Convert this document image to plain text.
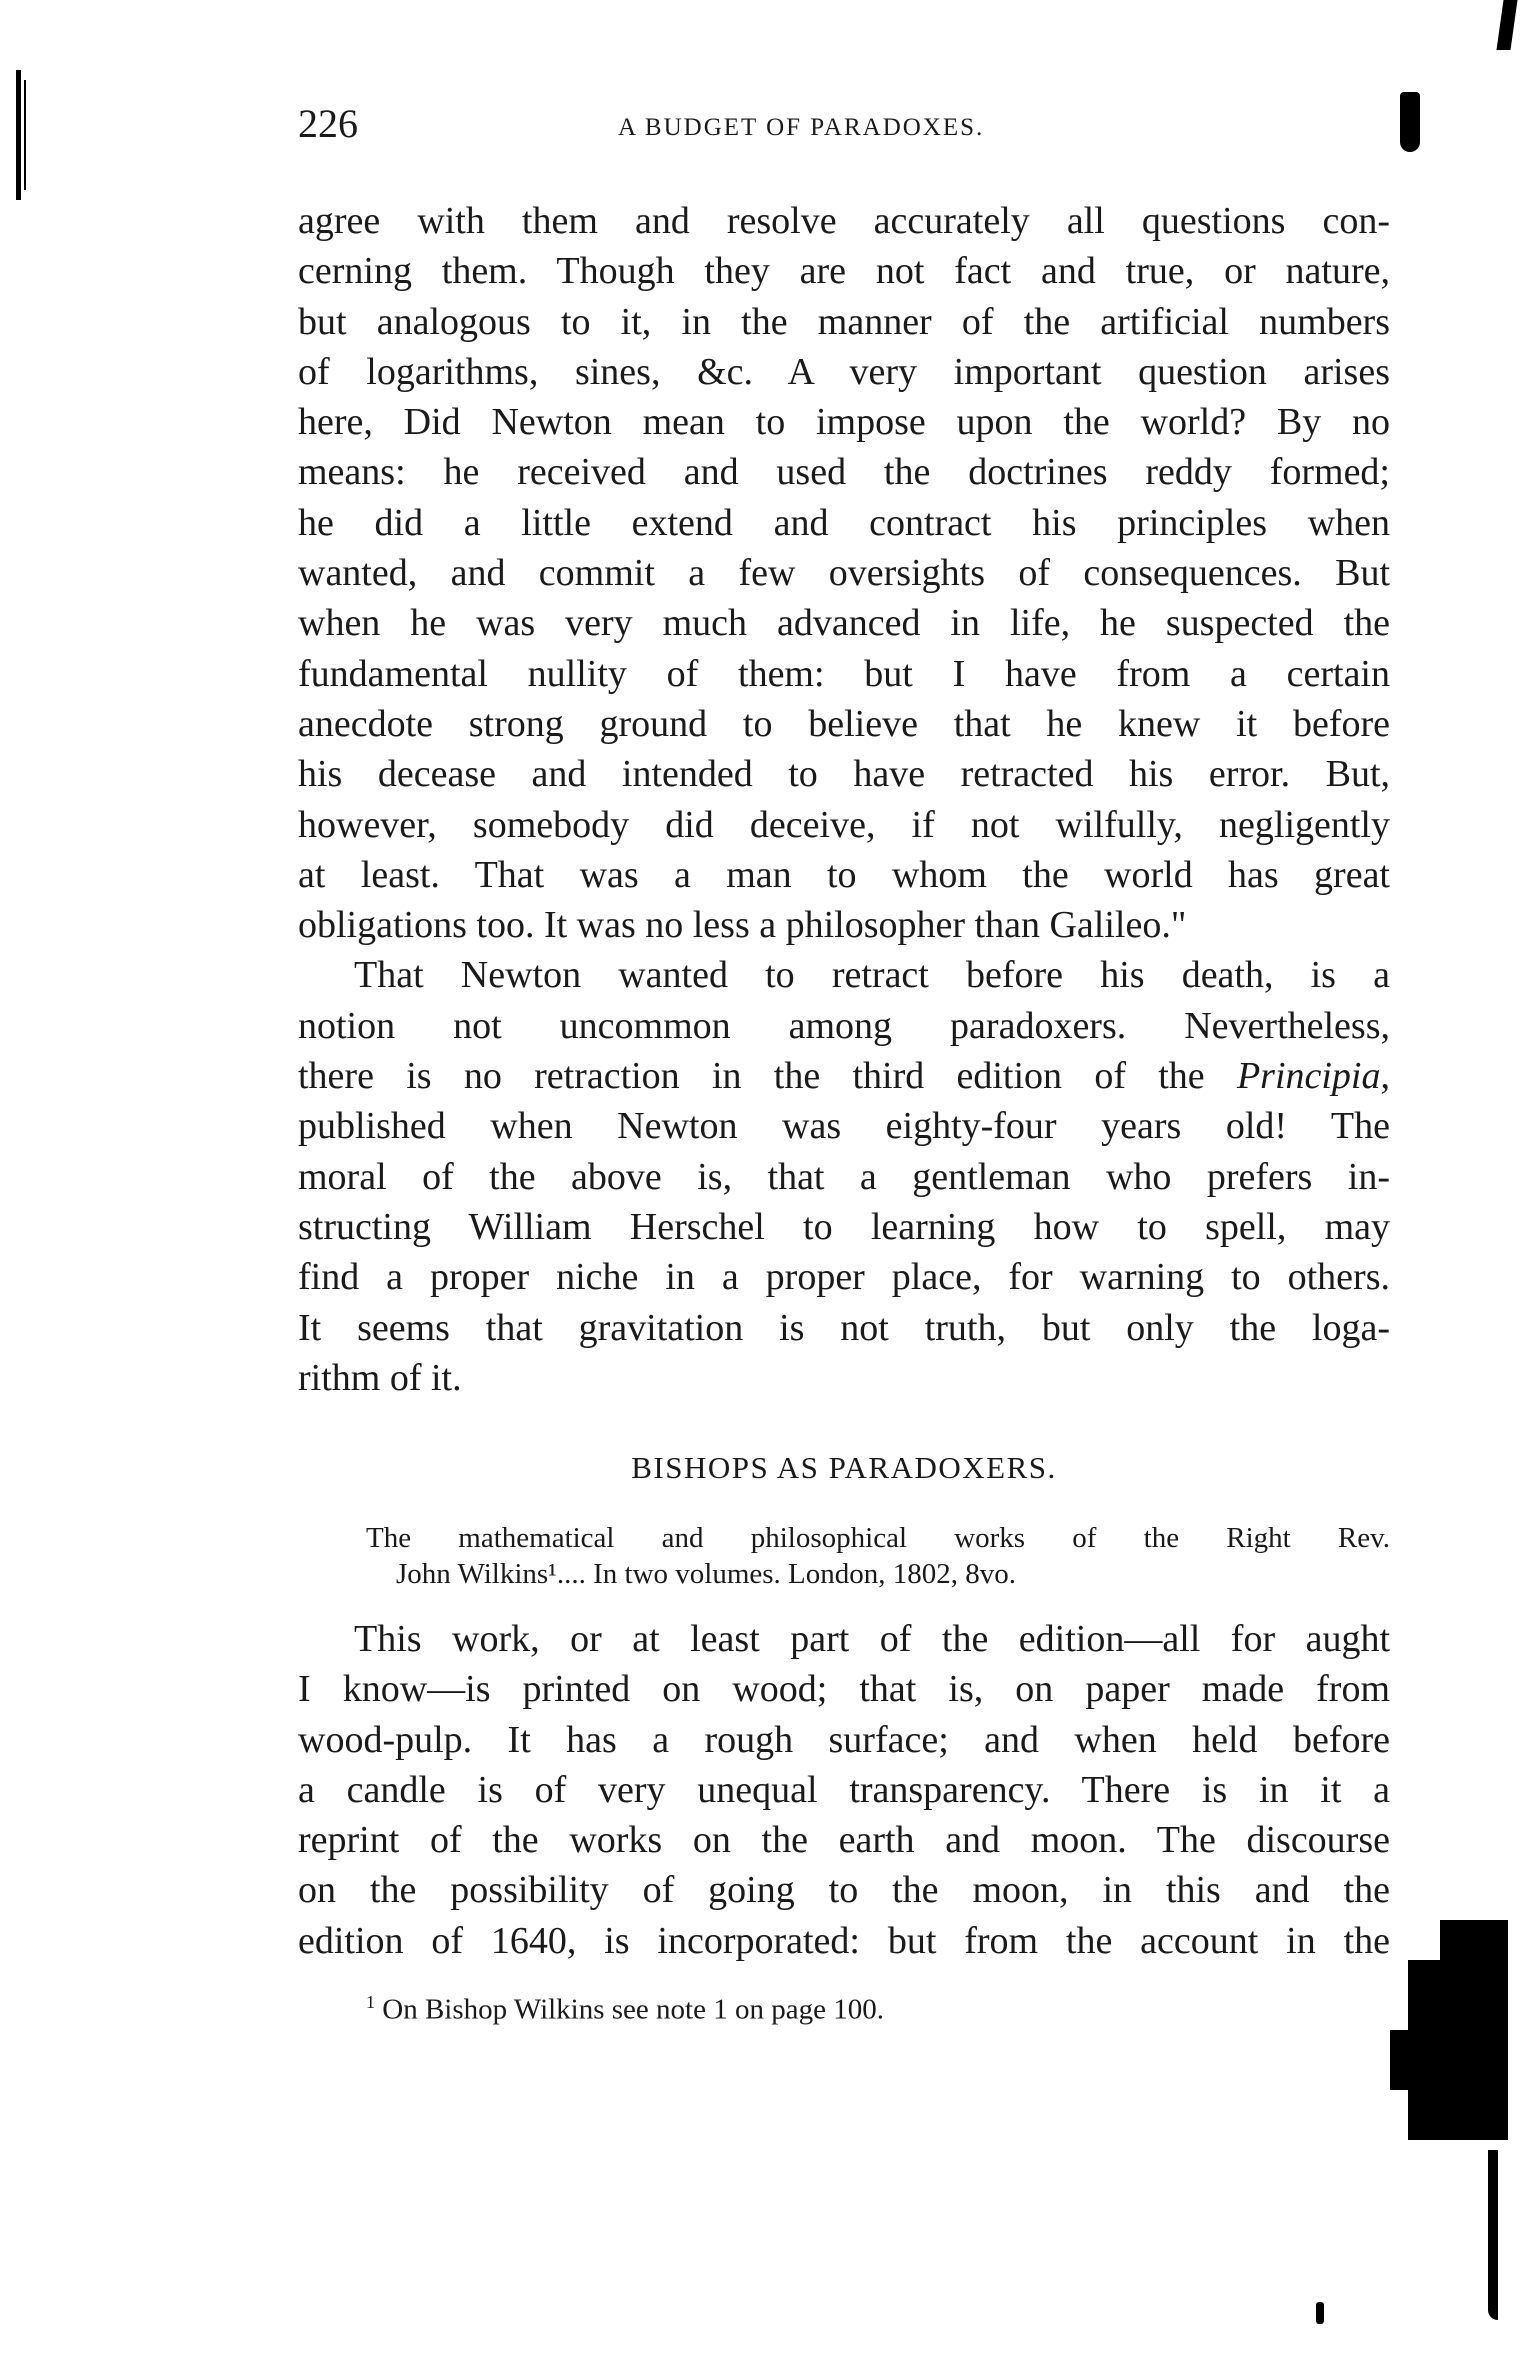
226	A BUDGET OF PARADOXES.
agree with them and resolve accurately all questions con-
cerning them. Though they are not fact and true, or nature,
but analogous to it, in the manner of the artificial numbers
of logarithms, sines, &c. A very important question arises
here, Did Newton mean to impose upon the world? By no
means: he received and used the doctrines reddy formed;
he did a little extend and contract his principles when
wanted, and commit a few oversights of consequences. But
when he was very much advanced in life, he suspected the
fundamental nullity of them: but I have from a certain
anecdote strong ground to believe that he knew it before
his decease and intended to have retracted his error. But,
however, somebody did deceive, if not wilfully, negligently
at least. That was a man to whom the world has great
obligations too. It was no less a philosopher than Galileo."
That Newton wanted to retract before his death, is a
notion not uncommon among paradoxers. Nevertheless,
there is no retraction in the third edition of the Principia,
published when Newton was eighty-four years old! The
moral of the above is, that a gentleman who prefers in-
structing William Herschel to learning how to spell, may
find a proper niche in a proper place, for warning to others.
It seems that gravitation is not truth, but only the loga-
rithm of it.
BISHOPS AS PARADOXERS.
The mathematical and philosophical works of the Right Rev.
John Wilkins¹.... In two volumes. London, 1802, 8vo.
This work, or at least part of the edition—all for aught
I know—is printed on wood; that is, on paper made from
wood-pulp. It has a rough surface; and when held before
a candle is of very unequal transparency. There is in it a
reprint of the works on the earth and moon. The discourse
on the possibility of going to the moon, in this and the
edition of 1640, is incorporated: but from the account in the
$^1$ On Bishop Wilkins see note 1 on page 100.
